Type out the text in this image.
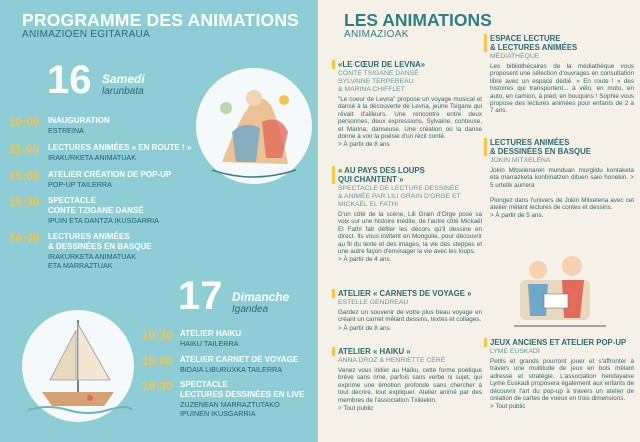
PROGRAMME DES ANIMATIONS
ANIMAZIOEN EGITARAUA
16 Samedi
larunbata
10:00	INAUGURATION
ESTREINA
11:00	LECTURES ANIMÉES « EN ROUTE ! »
IRAKURKETA ANIMATUAK
15:00	ATELIER CRÉATION DE POP-UP
POP-UP TAILERRA
15:30	SPECTACLE
CONTE TZIGANE DANSÉ
IPUIN ETA DANTZA IKUSGARRIA
16:30	LECTURES ANIMÉES
& DESSINÉES EN BASQUE
IRAKURKETA ANIMATUAK
ETA MARRAZTUAK
17 Dimanche
Igandea
10:30 ATELIER HAIKU
HAIKU TAILERRA
15:00 ATELIER CARNET DE VOYAGE
BIDAIA LIBURUXKA TAILERRA
16:30 SPECTACLE
LECTURES DESSINÉES EN LIVE
ZUZENEAN MARRAZTUTAKO
IPUINEN IKUSGARRIA
LES ANIMATIONS
ANIMAZIOAK
«LE CŒUR DE LEVNA»
CONTE TSIGANE DANSÉ
SYLVAINE TERPEREAU
& MARINA CHIFFLET
"Le coeur de Levna" propose un voyage musical et dansé à la découverte de Levna, jeune Tsigane qui rêvait d'ailleurs. Une rencontre entre deux personnes, deux expressions, Sylvaine, conteuse, et Marina, danseuse. Une création où la danse donne à voir la poésie d'un récit conté.
> À partir de 8 ans
« AU PAYS DES LOUPS
QUI CHANTENT »
SPECTACLE DE LECTURE DESSINÉE
& ANIMÉE PAR LILI GRAIN D'ORGE ET
MICKAËL EL FATHI
D'un côté de la scène, Lili Grain d'Orge pose sa voix sur une histoire inédite, de l'autre côté Mickaël El Fathi fait défiler les décors qu'il dessine en direct. Ils vous invitent en Mongolie, pour découvrir au fil du texte et des images, la vie des steppes et une autre façon d'envisager la vie avec les loups.
> À partir de 4 ans.
ATELIER « CARNETS DE VOYAGE »
ESTELLE GENDREAU
Gardez un souvenir de votre plus beau voyage en créant un carnet mêlant dessins, textes et collages.
> À partir de 8 ans.
ATELIER « HAIKU »
ANNA DROZ & HENRIETTE CÉRÉ
Venez vous initier au Haïku, cette forme poétique brève sans rime, parfois sans verbe ni sujet, qui exprime une émotion profonde sans chercher à tout décrire, tout expliquer. Atelier animé par des membres de l'association Txikiekin.
> Tout public
ESPACE LECTURE
& LECTURES ANIMÉES
MÉDIATHÈQUE
Les bibliothécaires de la médiathèque vous proposent une sélection d'ouvrages en consultation libre avec un espace dédié. « En route ! » des histoires qui transportent... à vélo, en moto, en auto, en camion, à pied, en bouquins ! Sophie vous propose des lectures animées pour enfants de 2 à 7 ans.
LECTURES ANIMÉES
& DESSINÉES EN BASQUE
JOKIN MITXELENA
Jokin Mitxelenaren munduan murgildu kontaketa eta marrazketa konbinatzen dituen saio honekin. > 5 urtetik aurrera

Plongez dans l'univers de Jokin Mitxelena avec cet atelier mêlant lectures de contes et dessins.
> À partir de 5 ans.
JEUX ANCIENS ET ATELIER POP-UP
LYME EUSKADI
Petits et grands pourront jouer et s'affronter à travers une multitude de jeux en bois mêlant adresse et stratégie. L'association hendayaise Lyme Euskadi proposera également aux enfants de découvrir l'art du pop-up à travers un atelier de création de cartes de voeux en trois dimensions.
> Tout public
